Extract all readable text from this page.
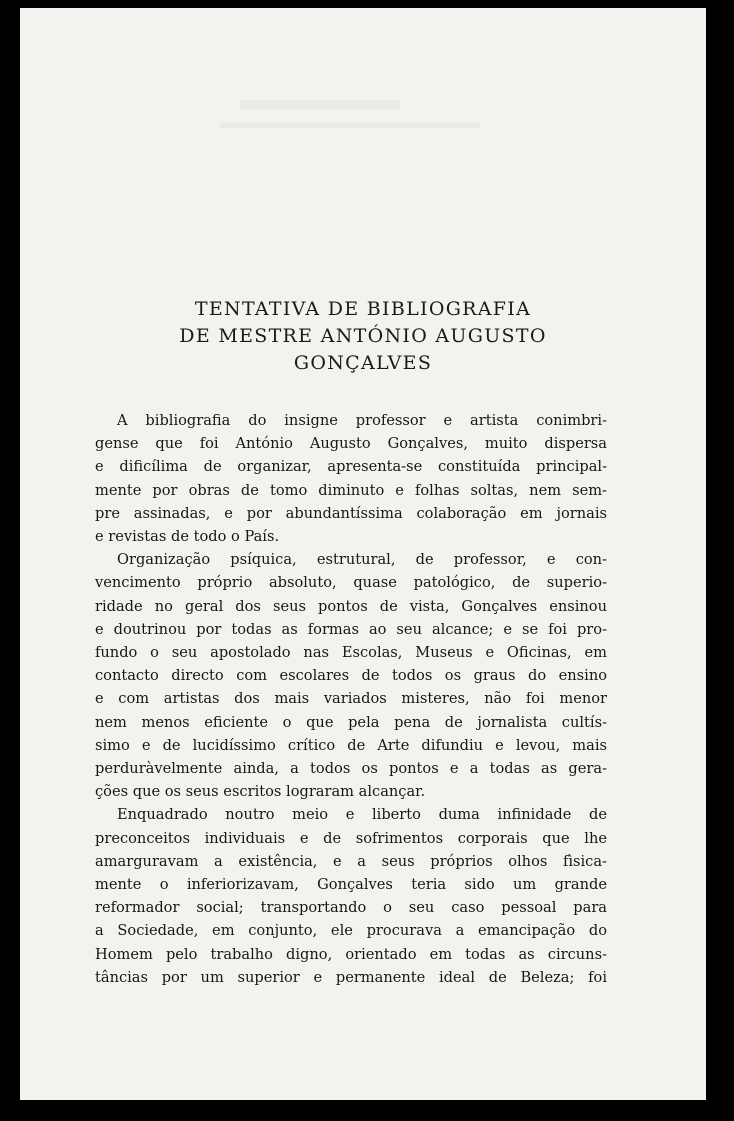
TENTATIVA DE BIBLIOGRAFIA
DE MESTRE ANTÓNIO AUGUSTO
GONÇALVES
A bibliografia do insigne professor e artista conimbri-
gense que foi António Augusto Gonçalves, muito dispersa
e dificílima de organizar, apresenta-se constituída principal-
mente por obras de tomo diminuto e folhas soltas, nem sem-
pre assinadas, e por abundantíssima colaboração em jornais
e revistas de todo o País.
Organização psíquica, estrutural, de professor, e con-
vencimento próprio absoluto, quase patológico, de superio-
ridade no geral dos seus pontos de vista, Gonçalves ensinou
e doutrinou por todas as formas ao seu alcance; e se foi pro-
fundo o seu apostolado nas Escolas, Museus e Oficinas, em
contacto directo com escolares de todos os graus do ensino
e com artistas dos mais variados misteres, não foi menor
nem menos eficiente o que pela pena de jornalista cultís-
simo e de lucidíssimo crítico de Arte difundiu e levou, mais
perduràvelmente ainda, a todos os pontos e a todas as gera-
ções que os seus escritos lograram alcançar.
Enquadrado noutro meio e liberto duma infinidade de
preconceitos individuais e de sofrimentos corporais que lhe
amarguravam a existência, e a seus próprios olhos fìsica-
mente o inferiorizavam, Gonçalves teria sido um grande
reformador social; transportando o seu caso pessoal para
a Sociedade, em conjunto, ele procurava a emancipação do
Homem pelo trabalho digno, orientado em todas as circuns-
tâncias por um superior e permanente ideal de Beleza; foi
